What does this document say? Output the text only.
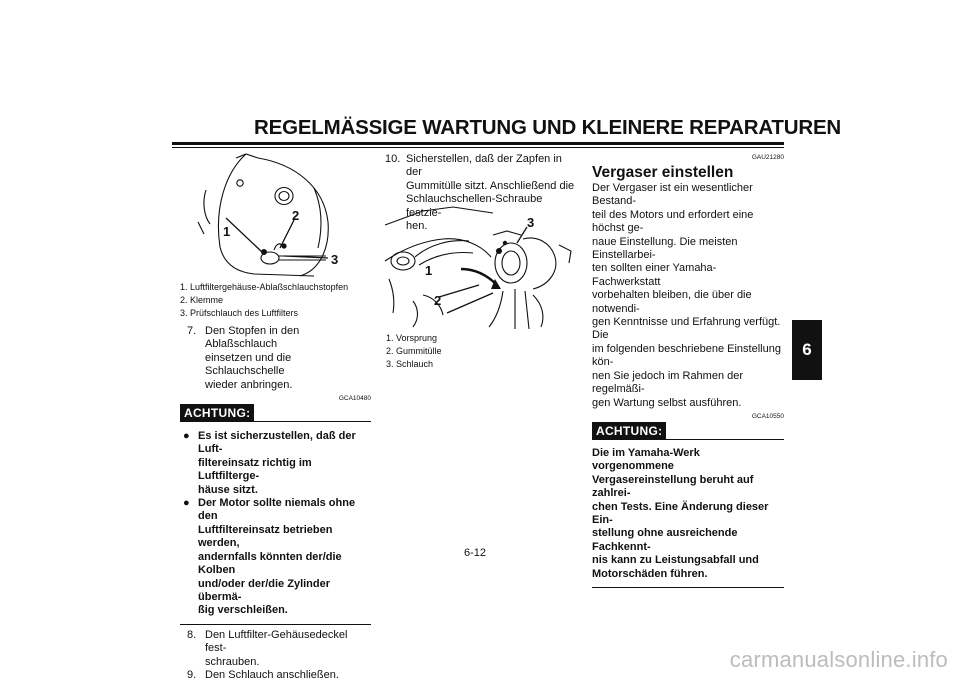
REGELMÄSSIGE WARTUNG UND KLEINERE REPARATUREN
6
1
2
3
1. Luftfiltergehäuse-Ablaßschlauchstopfen
2. Klemme
3. Prüfschlauch des Luftfilters
7. Den Stopfen in den Ablaßschlauch
einsetzen und die Schlauchschelle
wieder anbringen.
GCA10480
ACHTUNG:
● Es ist sicherzustellen, daß der Luft-
filtereinsatz richtig im Luftfilterge-
häuse sitzt.
● Der Motor sollte niemals ohne den
Luftfiltereinsatz betrieben werden,
andernfalls könnten der/die Kolben
und/oder der/die Zylinder übermä-
ßig verschleißen.
8. Den Luftfilter-Gehäusedeckel fest-
schrauben.
9. Den Schlauch anschließen.
10. Sicherstellen, daß der Zapfen in der
Gummitülle sitzt. Anschließend die
Schlauchschellen-Schraube festzie-
hen.
1
2
3
1. Vorsprung
2. Gummitülle
3. Schlauch
GAU21280
Vergaser einstellen
Der Vergaser ist ein wesentlicher Bestand-
teil des Motors und erfordert eine höchst ge-
naue Einstellung. Die meisten Einstellarbei-
ten sollten einer Yamaha-Fachwerkstatt
vorbehalten bleiben, die über die notwendi-
gen Kenntnisse und Erfahrung verfügt. Die
im folgenden beschriebene Einstellung kön-
nen Sie jedoch im Rahmen der regelmäßi-
gen Wartung selbst ausführen.
GCA10550
ACHTUNG:
Die im Yamaha-Werk vorgenommene
Vergasereinstellung beruht auf zahlrei-
chen Tests. Eine Änderung dieser Ein-
stellung ohne ausreichende Fachkennt-
nis kann zu Leistungsabfall und
Motorschäden führen.
6-12
carmanualsonline.info
